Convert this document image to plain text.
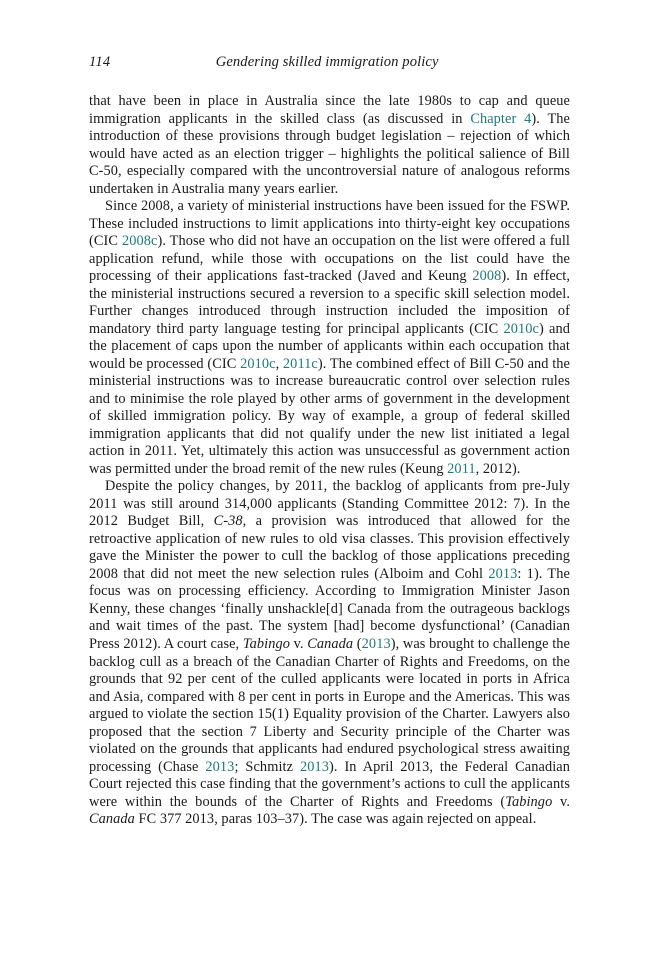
114	Gendering skilled immigration policy

that have been in place in Australia since the late 1980s to cap and queue immigration applicants in the skilled class (as discussed in Chapter 4). The introduction of these provisions through budget legislation – rejection of which would have acted as an election trigger – highlights the political salience of Bill C-50, especially compared with the uncontroversial nature of analogous reforms undertaken in Australia many years earlier.

Since 2008, a variety of ministerial instructions have been issued for the FSWP. These included instructions to limit applications into thirty-eight key occupations (CIC 2008c). Those who did not have an occupation on the list were offered a full application refund, while those with occupations on the list could have the processing of their applications fast-tracked (Javed and Keung 2008). In effect, the ministerial instructions secured a reversion to a specific skill selection model. Further changes introduced through instruction included the imposition of mandatory third party language testing for principal applicants (CIC 2010c) and the placement of caps upon the number of applicants within each occupation that would be processed (CIC 2010c, 2011c). The combined effect of Bill C-50 and the ministerial instructions was to increase bureaucratic control over selection rules and to minimise the role played by other arms of government in the development of skilled immigration policy. By way of example, a group of federal skilled immigration applicants that did not qualify under the new list initiated a legal action in 2011. Yet, ultimately this action was unsuccessful as government action was permitted under the broad remit of the new rules (Keung 2011, 2012).

Despite the policy changes, by 2011, the backlog of applicants from pre-July 2011 was still around 314,000 applicants (Standing Committee 2012: 7). In the 2012 Budget Bill, C-38, a provision was introduced that allowed for the retroactive application of new rules to old visa classes. This provision effectively gave the Minister the power to cull the backlog of those applications preceding 2008 that did not meet the new selection rules (Alboim and Cohl 2013: 1). The focus was on processing efficiency. According to Immigration Minister Jason Kenny, these changes ‘finally unshackle[d] Canada from the outrageous backlogs and wait times of the past. The system [had] become dysfunctional’ (Canadian Press 2012). A court case, Tabingo v. Canada (2013), was brought to challenge the backlog cull as a breach of the Canadian Charter of Rights and Freedoms, on the grounds that 92 per cent of the culled applicants were located in ports in Africa and Asia, compared with 8 per cent in ports in Europe and the Americas. This was argued to violate the section 15(1) Equality provision of the Charter. Lawyers also proposed that the section 7 Liberty and Security principle of the Charter was violated on the grounds that applicants had endured psychological stress awaiting processing (Chase 2013; Schmitz 2013). In April 2013, the Federal Canadian Court rejected this case finding that the government’s actions to cull the applicants were within the bounds of the Charter of Rights and Freedoms (Tabingo v. Canada FC 377 2013, paras 103–37). The case was again rejected on appeal.
